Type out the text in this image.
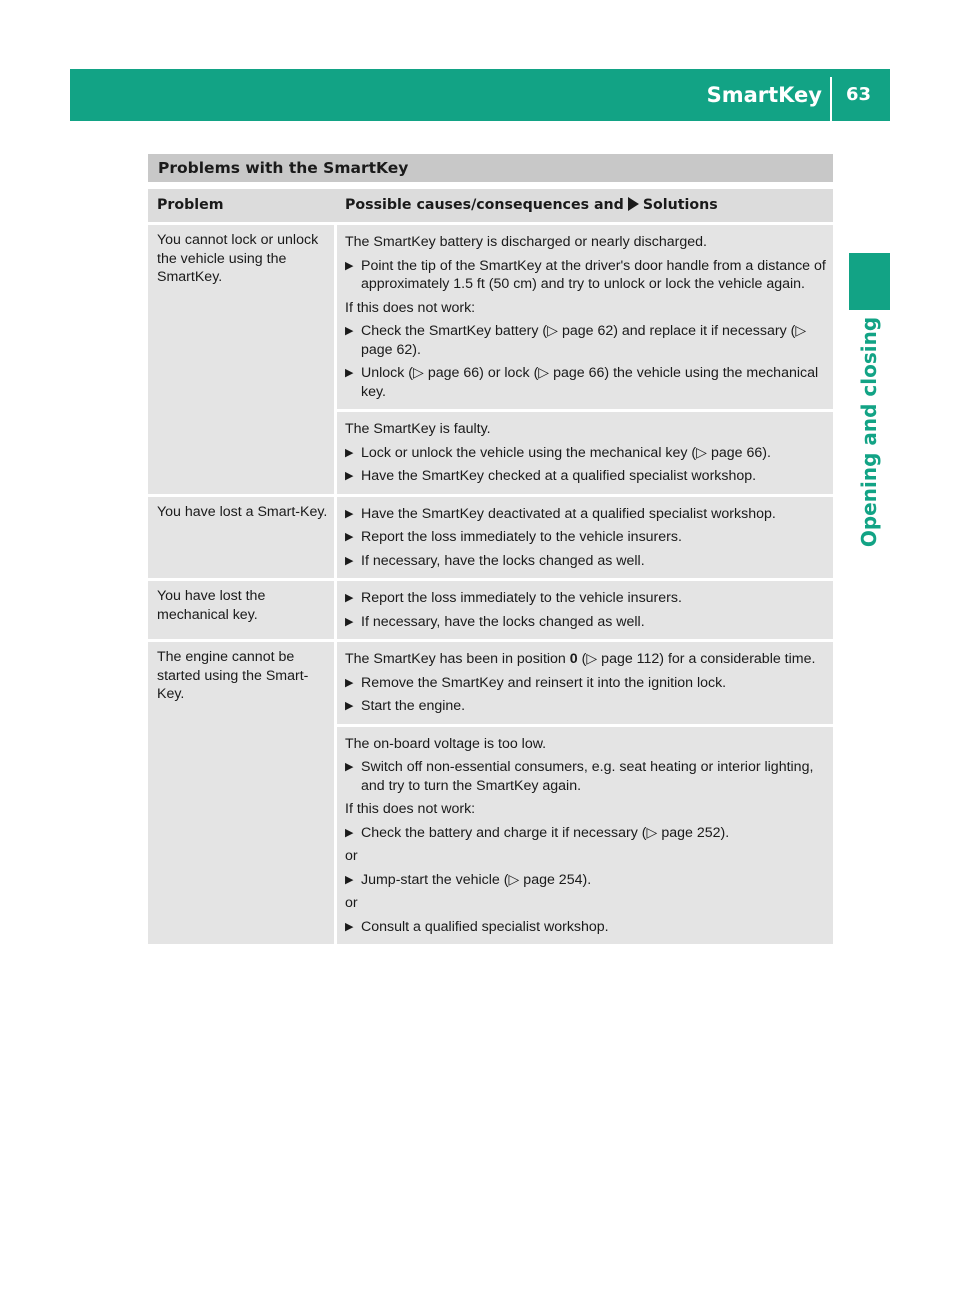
SmartKey 63
Opening and closing
Problems with the SmartKey
Problem	Possible causes/consequences and Solutions
You cannot lock or unlock the vehicle using the SmartKey.
The SmartKey battery is discharged or nearly discharged.
▶ Point the tip of the SmartKey at the driver's door handle from a distance of approximately 1.5 ft (50 cm) and try to unlock or lock the vehicle again.
If this does not work:
▶ Check the SmartKey battery (▷ page 62) and replace it if necessary (▷ page 62).
▶ Unlock (▷ page 66) or lock (▷ page 66) the vehicle using the mechanical key.
The SmartKey is faulty.
▶ Lock or unlock the vehicle using the mechanical key (▷ page 66).
▶ Have the SmartKey checked at a qualified specialist workshop.
You have lost a Smart-Key.	▶ Have the SmartKey deactivated at a qualified specialist workshop.
▶ Report the loss immediately to the vehicle insurers.
▶ If necessary, have the locks changed as well.
You have lost the mechanical key.
▶ Report the loss immediately to the vehicle insurers.
▶ If necessary, have the locks changed as well.
The engine cannot be started using the Smart-Key.
The SmartKey has been in position 0 (▷ page 112) for a considerable time.
▶ Remove the SmartKey and reinsert it into the ignition lock.
▶ Start the engine.
The on-board voltage is too low.
▶ Switch off non-essential consumers, e.g. seat heating or interior lighting, and try to turn the SmartKey again.
If this does not work:
▶ Check the battery and charge it if necessary (▷ page 252).
or
▶ Jump-start the vehicle (▷ page 254).
or
▶ Consult a qualified specialist workshop.
